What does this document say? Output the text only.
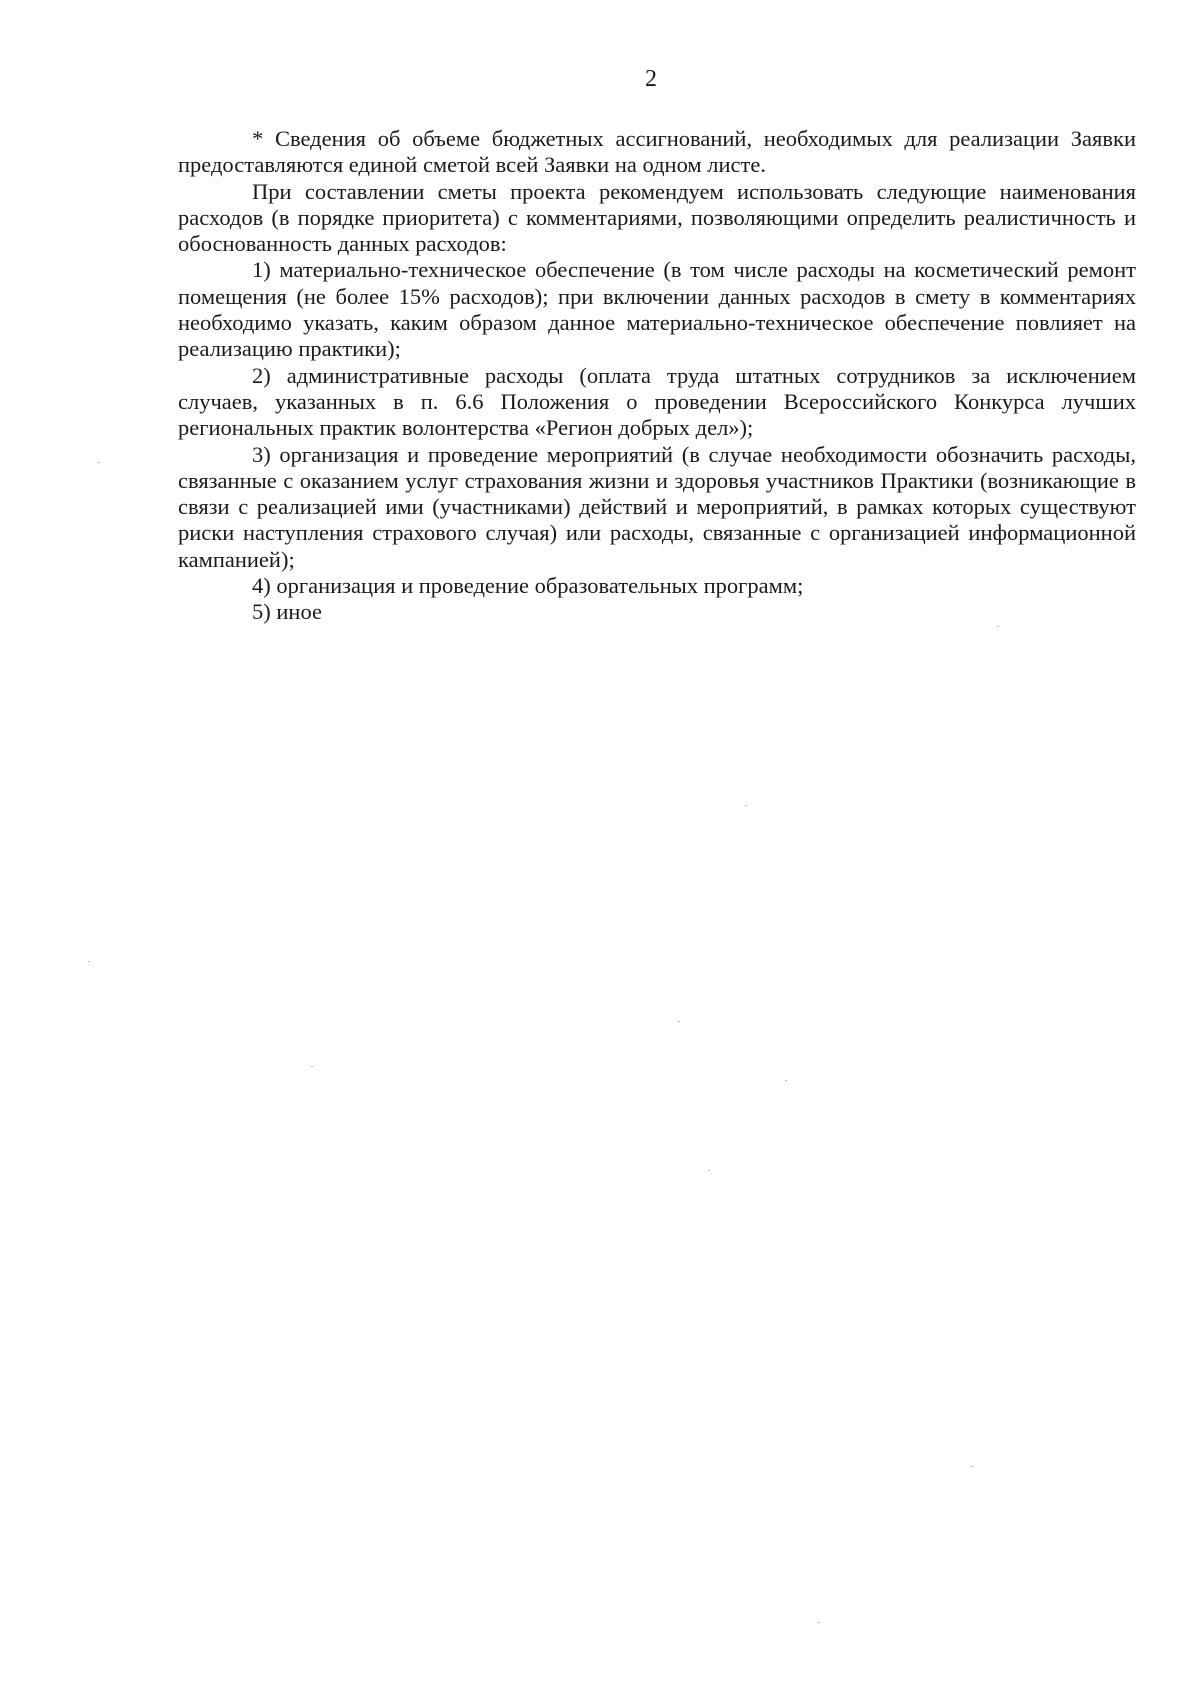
2

* Сведения об объеме бюджетных ассигнований, необходимых для реализации Заявки предоставляются единой сметой всей Заявки на одном листе.

При составлении сметы проекта рекомендуем использовать следующие наименования расходов (в порядке приоритета) с комментариями, позволяющими определить реалистичность и обоснованность данных расходов:

1) материально-техническое обеспечение (в том числе расходы на косметический ремонт помещения (не более 15% расходов); при включении данных расходов в смету в комментариях необходимо указать, каким образом данное материально-техническое обеспечение повлияет на реализацию практики);

2) административные расходы (оплата труда штатных сотрудников за исключением случаев, указанных в п. 6.6 Положения о проведении Всероссийского Конкурса лучших региональных практик волонтерства «Регион добрых дел»);

3) организация и проведение мероприятий (в случае необходимости обозначить расходы, связанные с оказанием услуг страхования жизни и здоровья участников Практики (возникающие в связи с реализацией ими (участниками) действий и мероприятий, в рамках которых существуют риски наступления страхового случая) или расходы, связанные с организацией информационной кампанией);

4) организация и проведение образовательных программ;

5) иное
